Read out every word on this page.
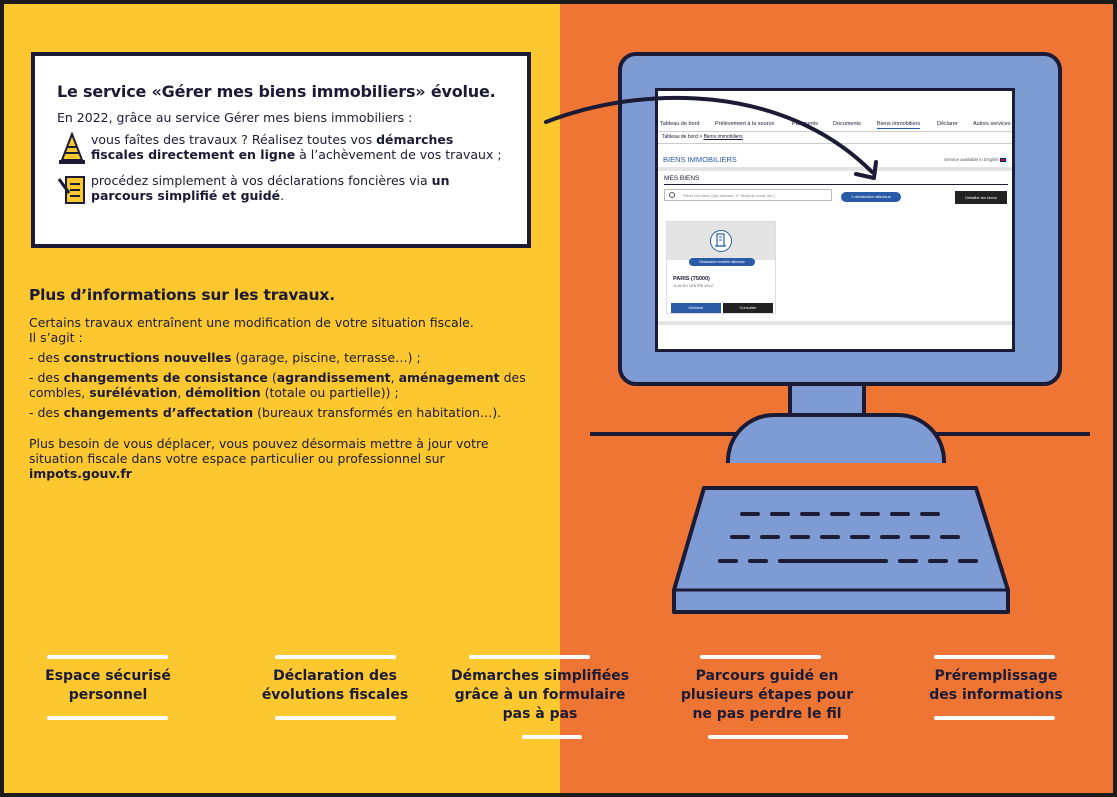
Le service «Gérer mes biens immobiliers» évolue.
En 2022, grâce au service Gérer mes biens immobiliers :
vous faîtes des travaux ? Réalisez toutes vos démarches fiscales directement en ligne à l’achèvement de vos travaux ;
procédez simplement à vos déclarations foncières via un parcours simplifié et guidé.
Plus d’informations sur les travaux.

Certains travaux entraînent une modification de votre situation fiscale.
Il s’agit :

- des constructions nouvelles (garage, piscine, terrasse…) ;

- des changements de consistance (agrandissement, aménagement des combles, surélévation, démolition (totale ou partielle)) ;

- des changements d’affectation (bureaux transformés en habitation…).

Plus besoin de vous déplacer, vous pouvez désormais mettre à jour votre situation fiscale dans votre espace particulier ou professionnel sur impots.gouv.fr

Tableau de bord	Prélèvement à la source	Paiements	Documents	Biens immobiliers	Déclarer	Autres services
Tableau de bord > Biens immobiliers
BIENS IMMOBILIERS	Service available in English
MES BIENS
Filtrer les biens (par adresse, n° fiscal du local, etc.)	1 déclaration attendue	Détailler les biens
Déclaration foncière attendue
PARIS (75000)
11 AV DU CENTRE VILLE
Déclarer	Consulter
Espace sécurisé
personnel
Déclaration des
évolutions fiscales
Démarches simplifiées
grâce à un formulaire
pas à pas
Parcours guidé en
plusieurs étapes pour
ne pas perdre le fil
Préremplissage
des informations
